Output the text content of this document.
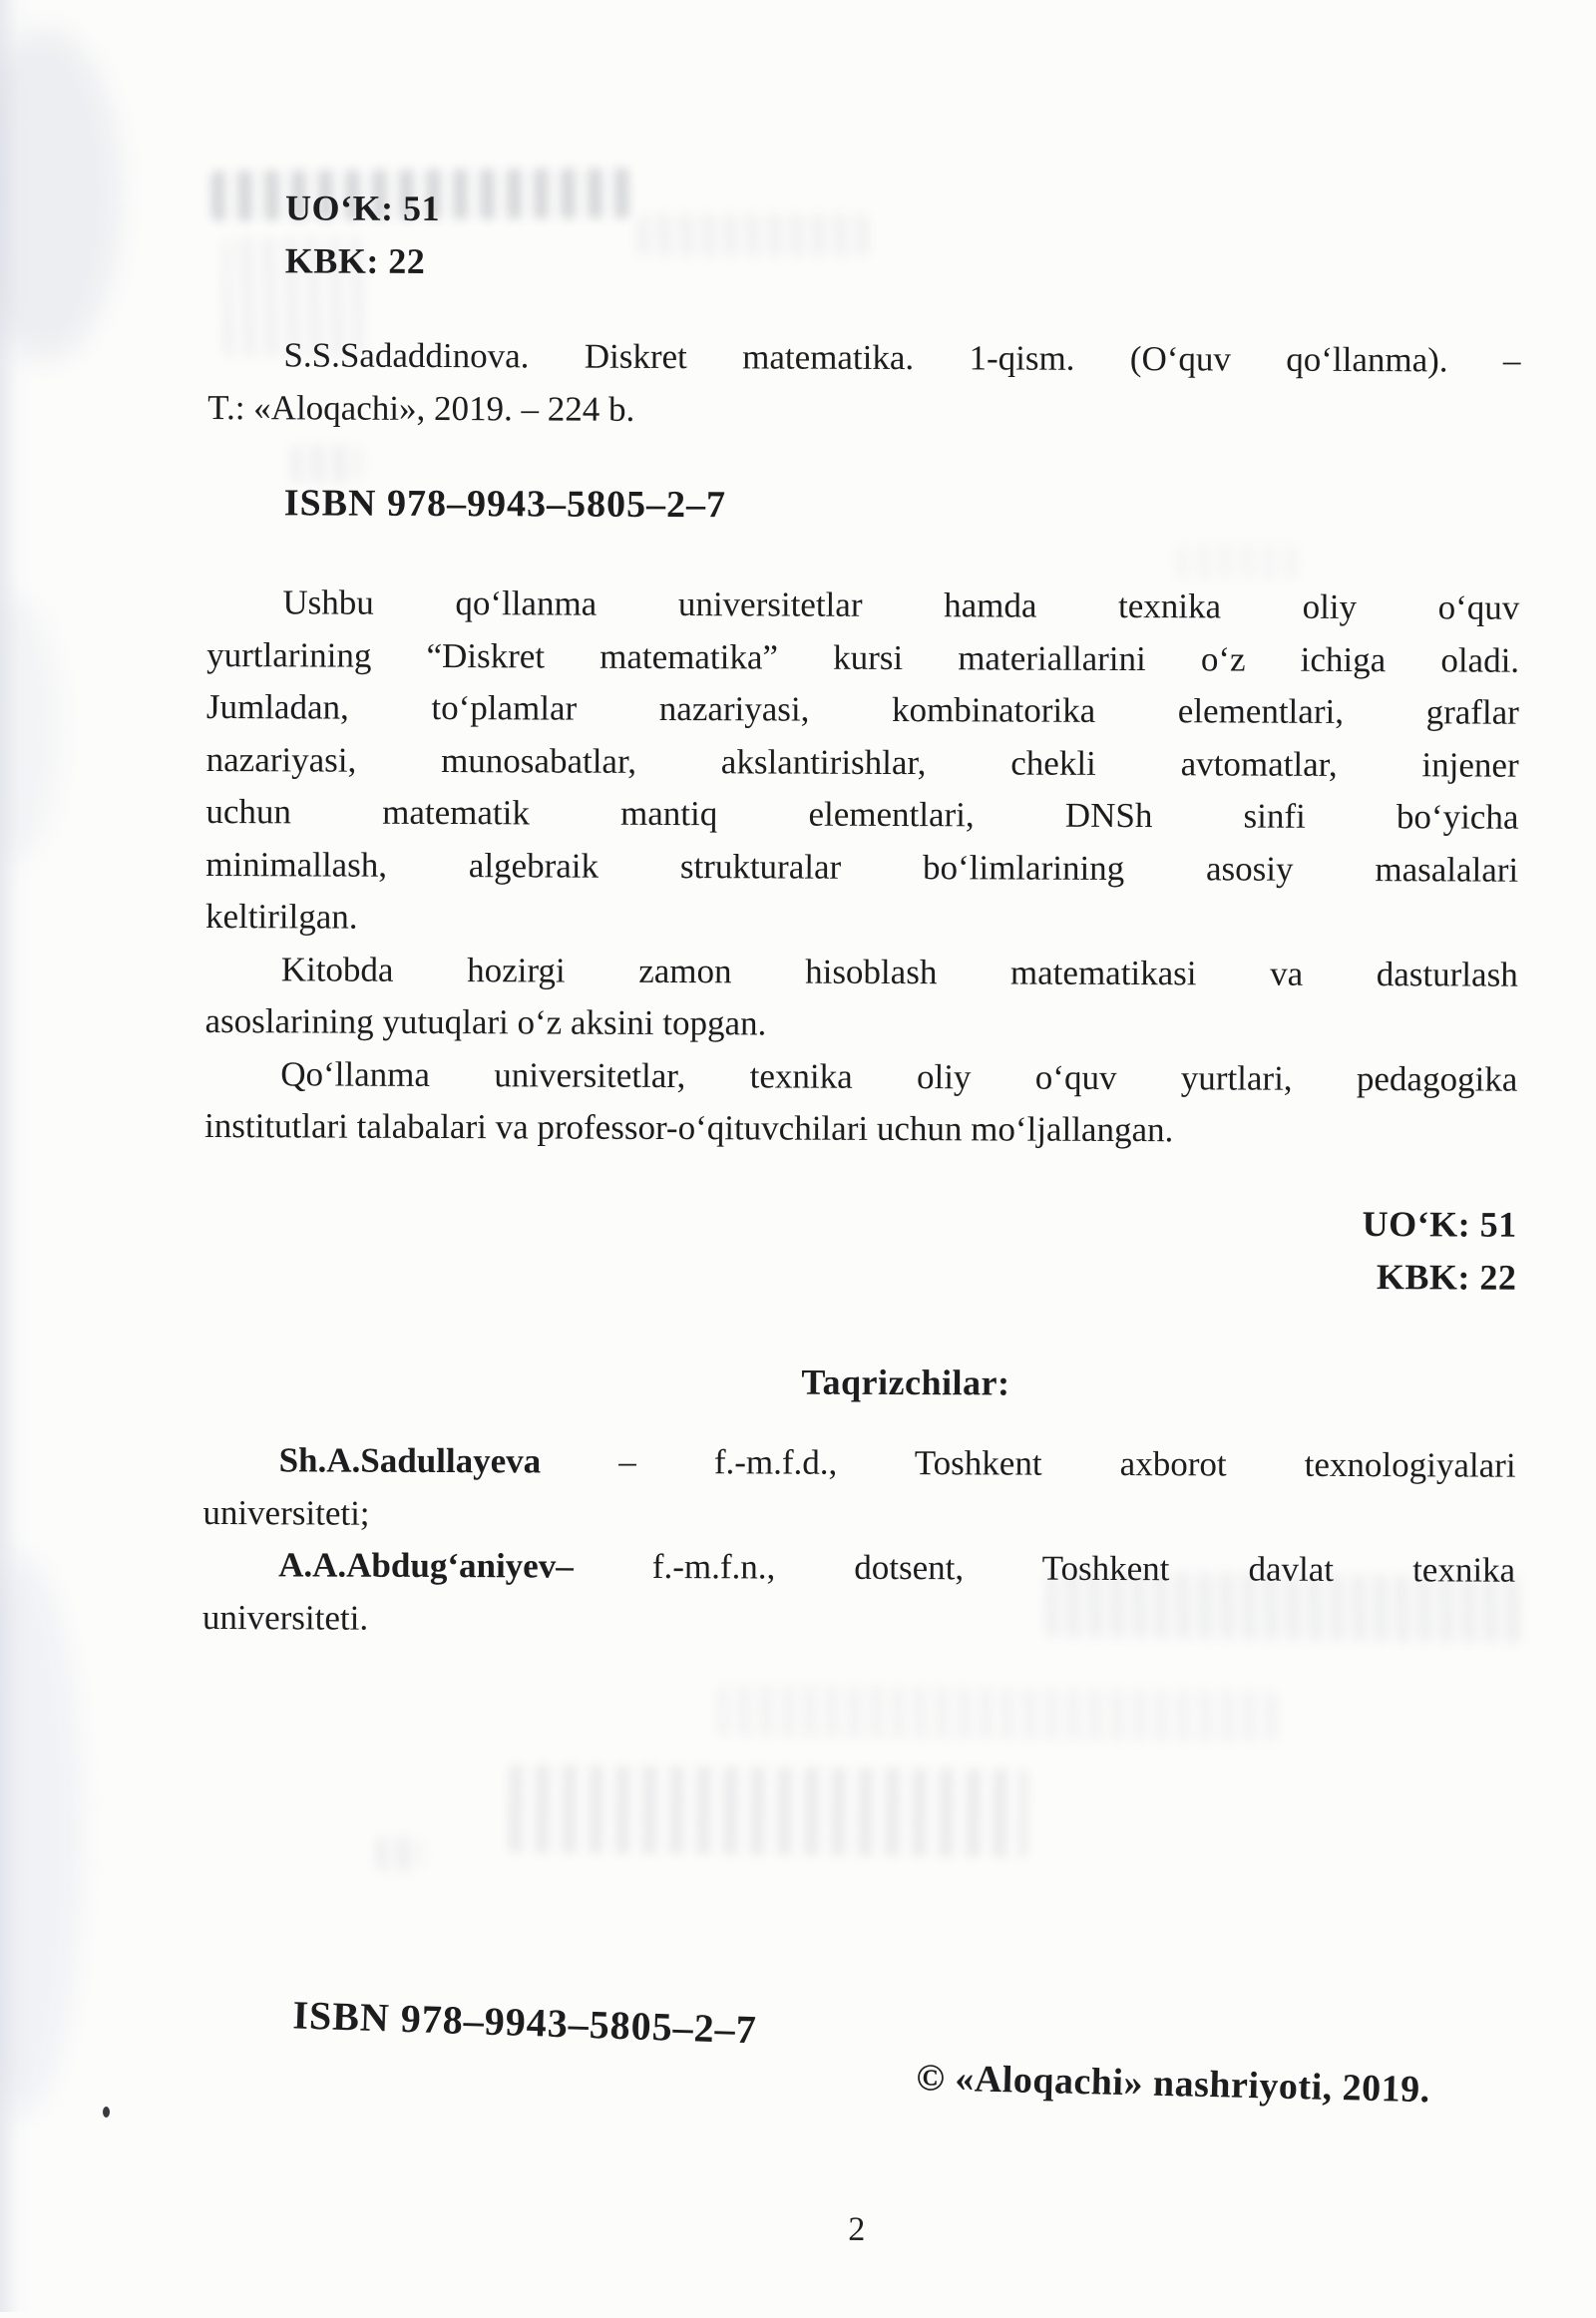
UO‘K: 51
KBK: 22
S.S.Sadaddinova. Diskret matematika. 1-qism. (O‘quv qo‘llanma). –
T.: «Aloqachi», 2019. – 224 b.
ISBN 978–9943–5805–2–7
Ushbu qo‘llanma universitetlar hamda texnika oliy o‘quv
yurtlarining “Diskret matematika” kursi materiallarini o‘z ichiga oladi.
Jumladan, to‘plamlar nazariyasi, kombinatorika elementlari, graflar
nazariyasi, munosabatlar, akslantirishlar, chekli avtomatlar, injener
uchun matematik mantiq elementlari, DNSh sinfi bo‘yicha
minimallash, algebraik strukturalar bo‘limlarining asosiy masalalari
keltirilgan.
Kitobda hozirgi zamon hisoblash matematikasi va dasturlash
asoslarining yutuqlari o‘z aksini topgan.
Qo‘llanma universitetlar, texnika oliy o‘quv yurtlari, pedagogika
institutlari talabalari va professor-o‘qituvchilari uchun mo‘ljallangan.
UO‘K: 51
KBK: 22
Taqrizchilar:
Sh.A.Sadullayeva – f.-m.f.d., Toshkent axborot texnologiyalari
universiteti;
A.A.Abdug‘aniyev– f.-m.f.n., dotsent, Toshkent davlat texnika
universiteti.
ISBN 978–9943–5805–2–7
© «Aloqachi» nashriyoti, 2019.
2
